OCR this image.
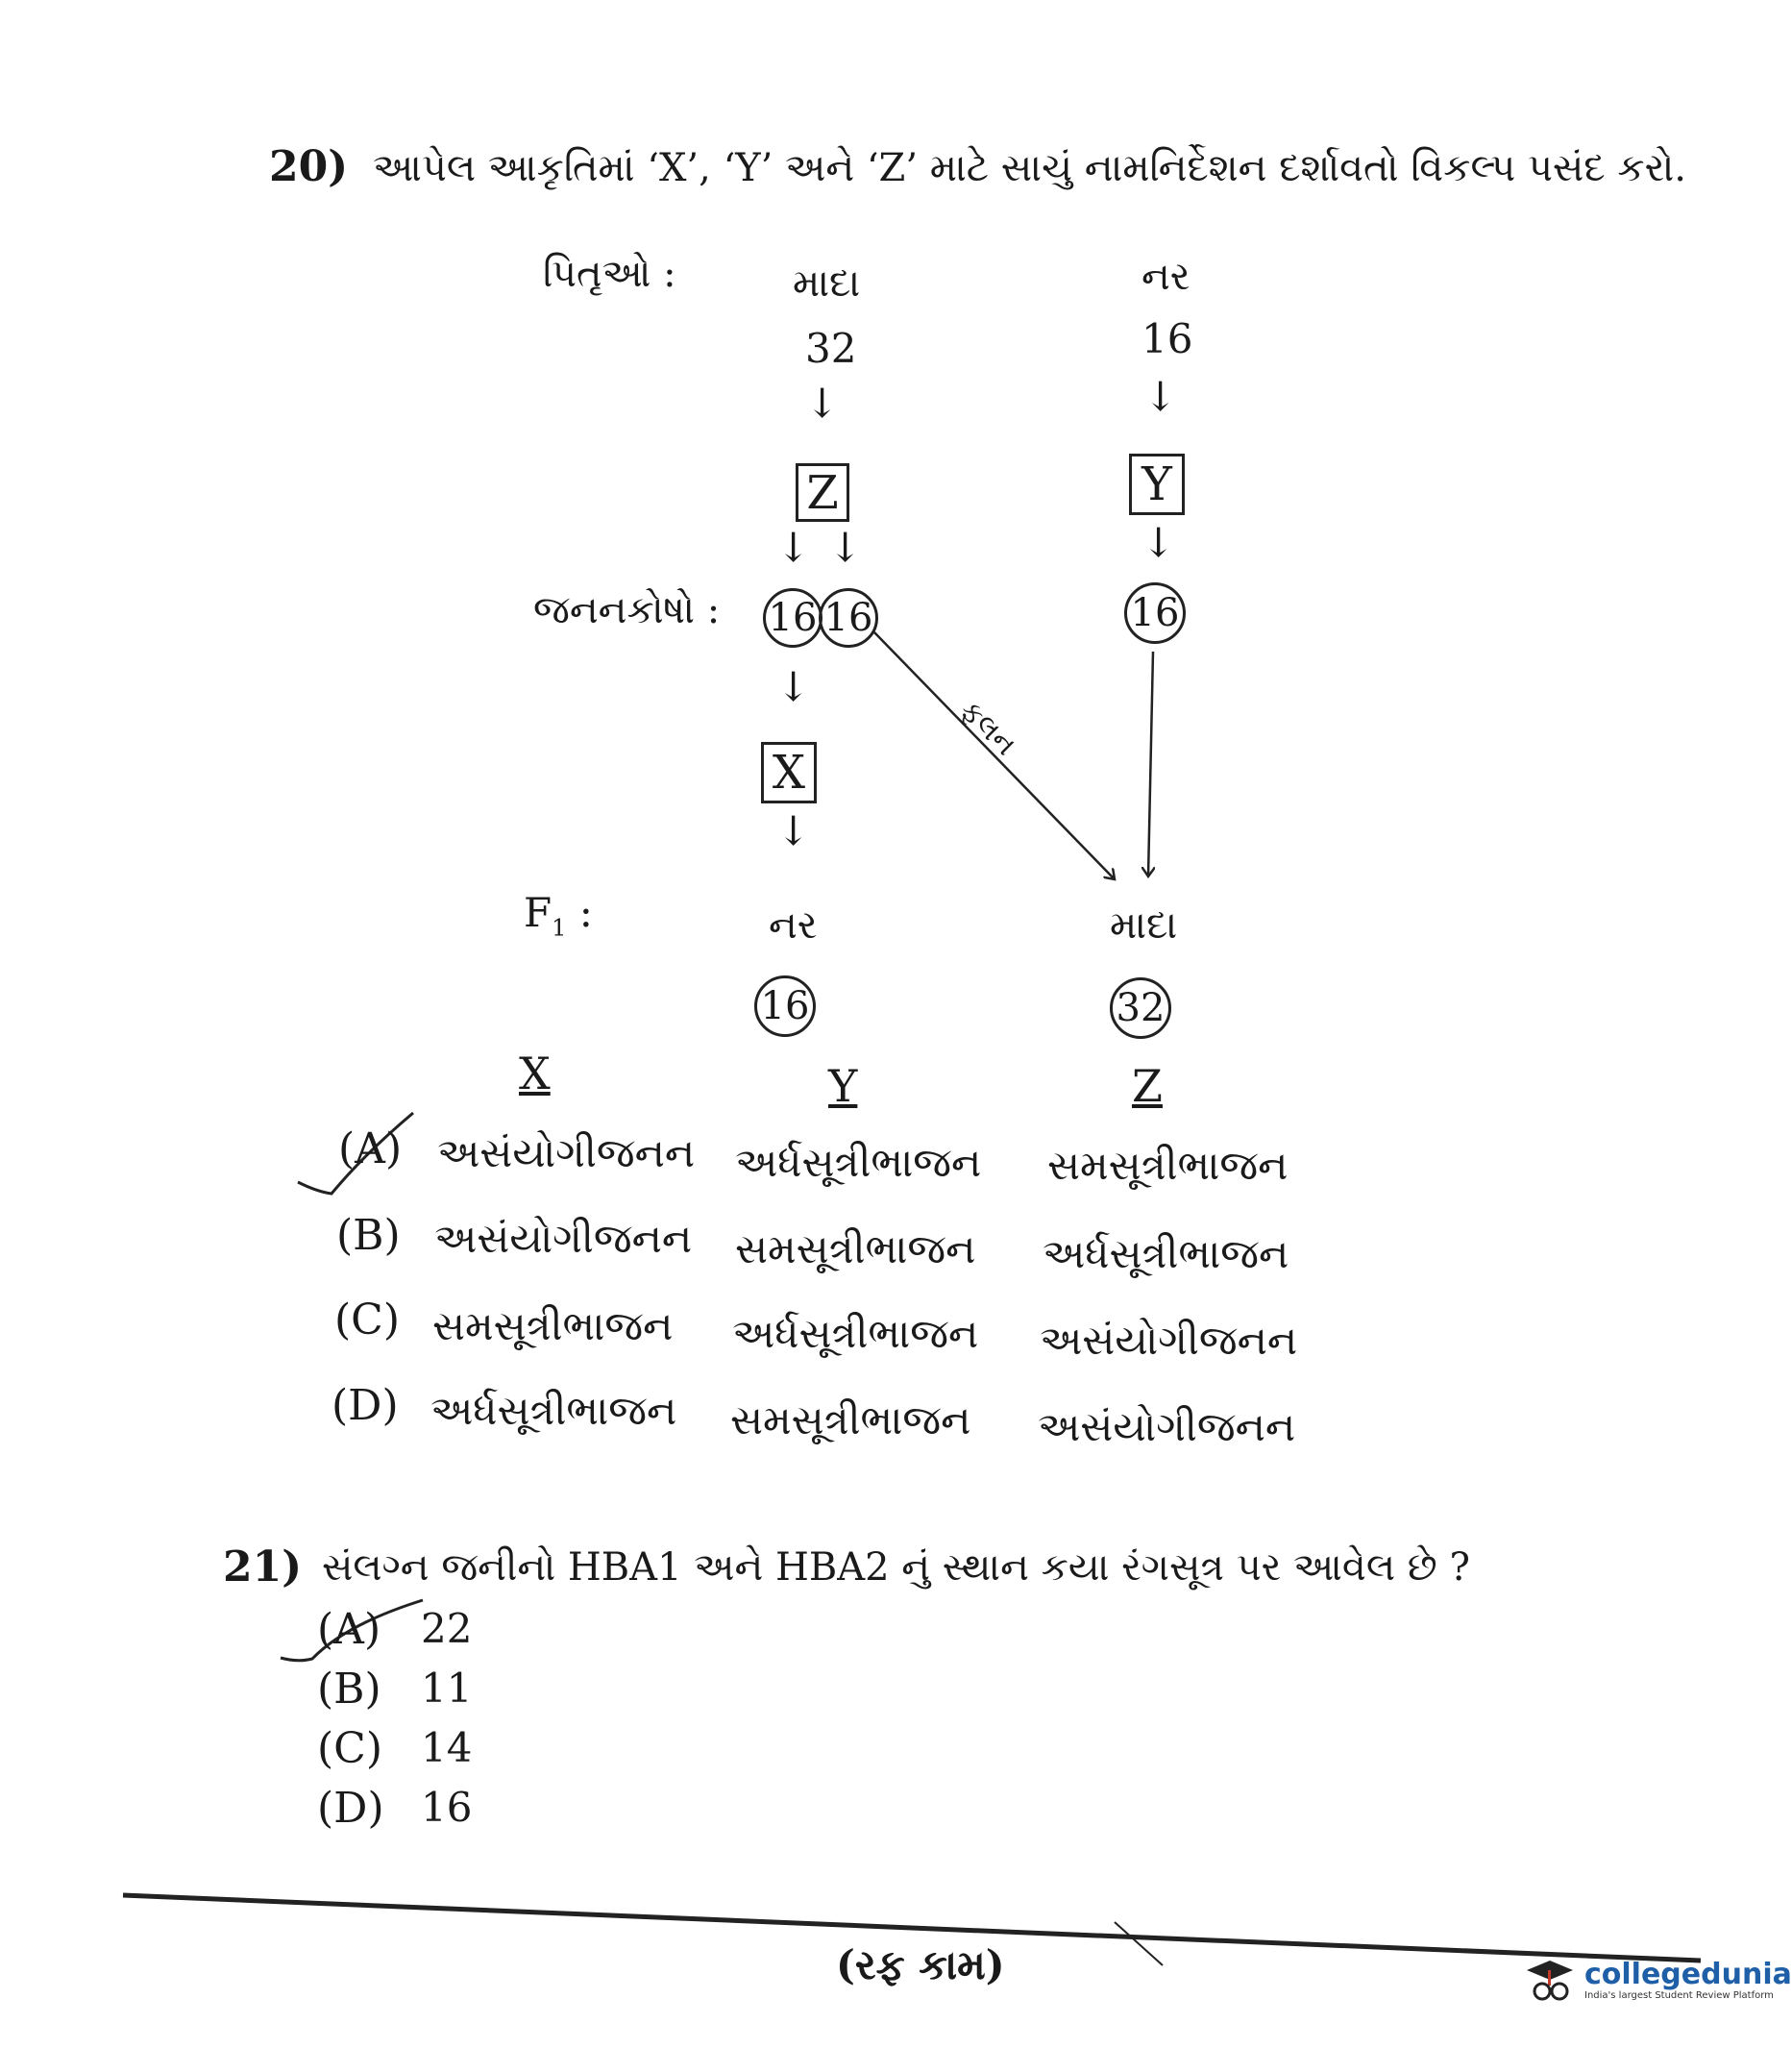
20) આપેલ આકૃતિમાં ‘X’, ‘Y’ અને ‘Z’ માટે સાચું નામનિર્દેશન દર્શાવતો વિકલ્પ પસંદ કરો.
પિતૃઓ :	માદા	નર
32	16
↓	↓
Z	Y
↓ ↓	↓
જનનકોષો : 16 16	16
ફલન
↓
X
↓
$F_1$ :	નર	માદા
16	32
X	Y	Z
(A) અસંયોગીજનન અર્ધસૂત્રીભાજન સમસૂત્રીભાજન
(B) અસંયોગીજનન સમસૂત્રીભાજન અર્ધસૂત્રીભાજન
(C) સમસૂત્રીભાજન અર્ધસૂત્રીભાજન અસંયોગીજનન
(D) અર્ધસૂત્રીભાજન સમસૂત્રીભાજન અસંયોગીજનન
21) સંલગ્ન જનીનો HBA1 અને HBA2 નું સ્થાન કયા રંગસૂત્ર પર આવેલ છે ?
(A) 22
(B) 11
(C) 14
(D) 16
(રફ કામ)	collegedunia
India's largest Student Review Platform
